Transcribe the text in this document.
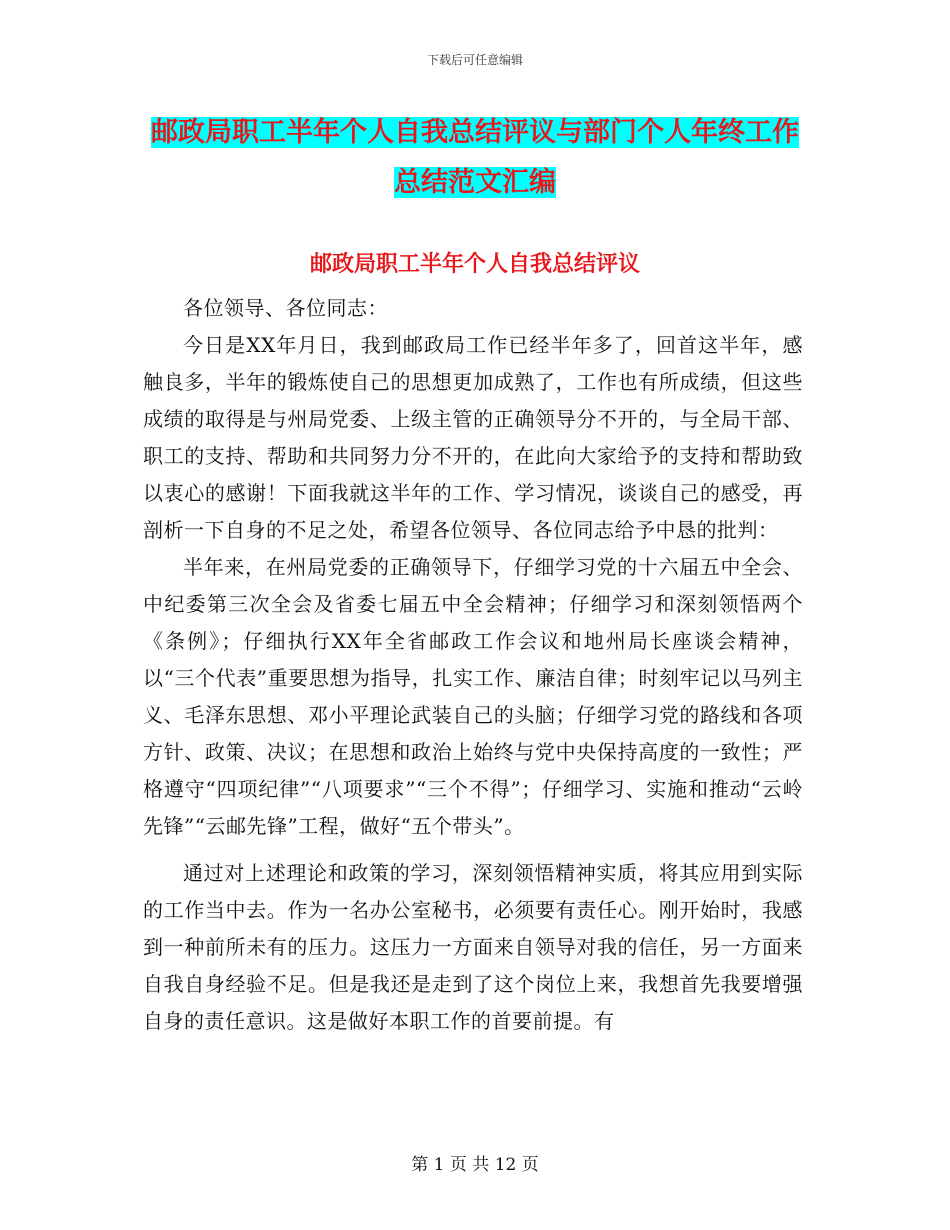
下载后可任意编辑
邮政局职工半年个人自我总结评议与部门个人年终工作总结范文汇编
邮政局职工半年个人自我总结评议

各位领导、各位同志：

今日是XX年月日，我到邮政局工作已经半年多了，回首这半年，感触良多，半年的锻炼使自己的思想更加成熟了，工作也有所成绩，但这些成绩的取得是与州局党委、上级主管的正确领导分不开的，与全局干部、职工的支持、帮助和共同努力分不开的，在此向大家给予的支持和帮助致以衷心的感谢！下面我就这半年的工作、学习情况，谈谈自己的感受，再剖析一下自身的不足之处，希望各位领导、各位同志给予中恳的批判：

半年来，在州局党委的正确领导下，仔细学习党的十六届五中全会、中纪委第三次全会及省委七届五中全会精神；仔细学习和深刻领悟两个《条例》；仔细执行XX年全省邮政工作会议和地州局长座谈会精神，以“三个代表”重要思想为指导，扎实工作、廉洁自律；时刻牢记以马列主义、毛泽东思想、邓小平理论武装自己的头脑；仔细学习党的路线和各项方针、政策、决议；在思想和政治上始终与党中央保持高度的一致性；严格遵守“四项纪律”“八项要求”“三个不得”；仔细学习、实施和推动“云岭先锋”“云邮先锋”工程，做好“五个带头”。

通过对上述理论和政策的学习，深刻领悟精神实质，将其应用到实际的工作当中去。作为一名办公室秘书，必须要有责任心。刚开始时，我感到一种前所未有的压力。这压力一方面来自领导对我的信任，另一方面来自我自身经验不足。但是我还是走到了这个岗位上来，我想首先我要增强自身的责任意识。这是做好本职工作的首要前提。有

第 1 页 共 12 页
